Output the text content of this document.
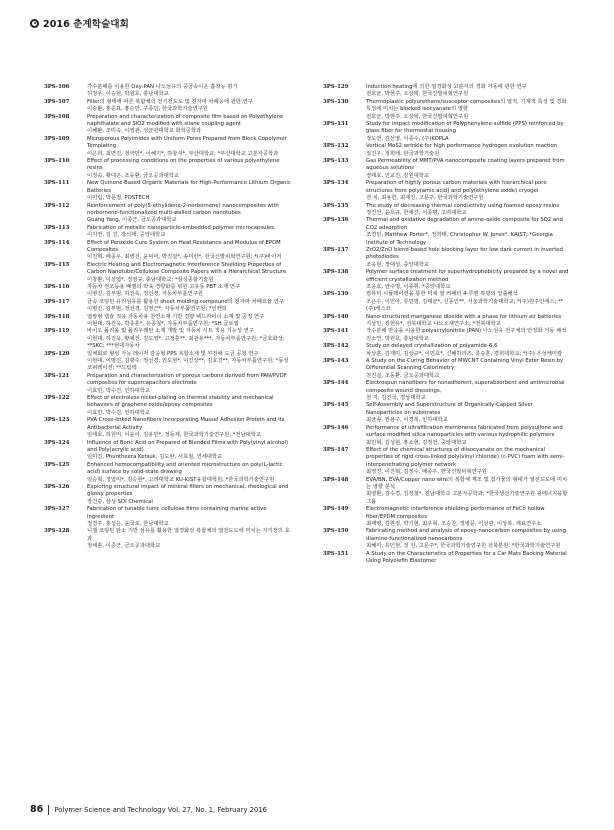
2016 춘계학술대회
3PS-106	가수분해를 이용한 Oxy-PAN 나노섬유의 중금속이온 흡착능 평가
허정우, 이승현, 박원호, 충남대학교
3PS-107	Filler의 형태에 따른 복합체의 전기전도도 및 전자파 차폐능에 관한 연구
이승환, 홍준표, 홍순만, 구종민, 한국과학기술연구원
3PS-108	Preparation and characterization of composite film based on Polyethylene naphthalate and SiO2 modified with silane coupling agent
이혜환, 조미숙, 이영관, 성균관대학교 화학공학과
3PS-109	Microporous Polyimides with Uniform Pores Prepared from Block Copolymer Templating
이은희, 최면진, 정극민*, 이혜기*, 하창식*, 부산대학교; *부산대학교 고분자공학과
3PS-110	Effect of processing conditions on the properties of various polyethylene resins
이정숙, 황대곤, 조동환, 금오공과대학교
3PS-111	New Quinone-Based Organic Materials for High-Performance Lithium Organic Batteries
이미림, 박문정, POSTECH
3PS-112	Reinforcement of poly(5-ethylidene-2-norbornene) nanocomposites with norbornene-functionalized multi-walled carbon nanotubes
Guang Yang, 이종근, 금오공과대학교
3PS-113	Fabrication of metallic nanoparticle-embedded polymer microcapsules,
이지연, 김 진, 장석태, 중앙대학교
3PS-114	Effect of Peroxide Cure System on Heat Resistance and Modulus of EPDM Composites
이진혁, 배종우, 최병진, 윤덕미, 박진걸*, 송미란*, 한국신발피혁연구원; *(주)바이저
3PS-115	Electric Heating and Electromagnetic Interference Shielding Properties of Carbon Nanotube/Cellulose Composite Papers with a Hierarchical Structure
이창환, 이상엽*, 정영규, 충남대학교; *삼성종합기술원
3PS-116	자동차 전조등용 배젤의 박육 경량화를 위한 고유동 PBT 소재 연구
이병진, 김부범, 하진욱, 정선경, 자동차부품연구원
3PS-117	금속 코팅된 유리섬유를 활용한 sheet molding compound의 전자파 차폐효율 연구
이병진, 김부범, 정선경, 김영근*, 자동차부품연구원; *인켄틱
3PS-118	열쌍형 캡슐 적용 자동차용 천연소재 기반 경량 헤드라이너 소재 및 공정 연구
이현대, 하진욱, 박종훈*, 유종철*, 자동차부품연구원; *SH 글로벌
3PS-119	바이오 폴리올 및 폴리우레탄 소재 개발 및 자동차 시트 적용 기능성 연구
이현대, 하진욱, 황예진, 김도영*, 고정훈**, 최관용***, 자동차부품연구원; *금호화성; **SKC; ***현대자동차
3PS-120	일체회로 형성 가능 레이저 감응형 PPS 복합소재 및 부전해 도금 공정 연구
이현대, 이명진, 김광수, 정선경, 권도현*, 이진상**, 김효진**, 자동차부품연구원; *동성코퍼레이션; **드림텍
3PS-121	Preparation and characterization of porous carbons derived from PAN/PVDF composites for supercapacitors electrode
이효민, 박수진, 인하대학교
3PS-122	Effect of electroless nickel-plating on thermal stability and mechanical behaviors of graphene oxide/epoxy composites
이효민, 박수진, 인하대학교
3PS-123	PVA Cross-linked Nanofibers Incorporating Mussel Adhesion Protein and Its Antibacterial Activity
임태호, 허원미, 이윤이, 김용민*, 정동제, 한국과학기술연구원; *전남대학교
3PS-124	Influence of Boric Acid on Prepared of Blended Films with Poly(vinyl alcohol) and Poly(acrylic acid)
임미진, Phuntheera Ketsuk, 김도완, 서효철, 연세대학교
3PS-125	Enhanced hemocompatibility and oriented microstructure on poly(L-lactic acid) surface by solid-state drawing
임승혁, 정엽미*, 김승현*, 고려대학교 KU-KIST융합대학원; *한국과학기술연구원
3PS-126	Exploring structural impact of mineral fillers on mechanical, rheological and glossy properties
장건승, 삼성 SDI Chemical
3PS-127	Fabrication of tunable tunic cellulose films containing marine active ingredient
정경주, 홍성은, 윤국로, 한남대학교
3PS-128	니켈 코팅된 탄소 기반 섬유를 활용한 열경화성 복합체의 열전도도에 미치는 자기장의 효과
정세훈, 이종근, 금오공과대학교
3PS-129	Induction heating에 의한 열경화성 고분자의 경화 거동에 관한 연구
전호균, 박현주, 오상택, 한국신발피혁연구원
3PS-130	Thermoplastic polyurethane/susceptor composites의 열적, 기계적 특성 및 경화특성에 미치는 blocked isocyanate의 영향
전호균, 박현주, 오상택, 한국신발피혁연구원
3PS-131	Study for impact modification of Polyphenylene-sulfide (PPS) reinforced by glass fiber for thermostat housing
정도연, 김선영, 이종수, (주)KOPLA
3PS-132	Vertical MoS2 wrinkle for high performance hydrogen evolution reaction
정진우, 정희태, 한국과학기술원
3PS-133	Gas Permeability of MMT/PVA nanocomposite coating layers prepared from aqueous solutions
정태호, 인교진, 강원대학교
3PS-134	Preparation of highly porous carbon materials with hierarchical pore structures from poly(amic acid) and poly(ethylene oxide) cryogel
전 치, 최용한, 최재진, 고문주, 한국과학기술연구원
3PS-135	The study of decreasing thermal conductivity using foamed epoxy resins
정진산, 윤호규, 한세진, 서종명, 고려대학교
3PS-136	Thermal and oxidative degradation of amine-oxide composite for SO2 and CO2 adsorption
조경민, Matthew Porter*, 정희태, Christopher W. Jones*, KAIST; *Georgia Institute of Technology
3PS-137	ZrO2/ZnO blend-based hole blocking layer for low dark current in inverted photodiodes
조욱현, 정대성, 중앙대학교
3PS-138	Polymer surface treatment for superhydrophobicity prepared by a novel and efficient crystallization method
조윤호, 안수영, 이종휘, *중앙대학교
3PS-139	컴퓨터 시뮬레이션을 통한 미세 열 커패터 4-루멘 튜빙의 압출해석
조은수, 이민아, 류민영, 김태균*, 신동인**, 서울과학기술대학교; *(주)원주인에스; **(주)케스코
3PS-140	Nano-structured manganese dioxide with a phase for lithium air batteries
지상민, 김현용*, 전북대학교 나노소재연구소; *전북대학교
3PS-141	가수분해 반응을 이용한 polyacrylonitrile (PAN) 나노섬유 전구체의 안정화 거동 해석
진소연, 박원호, 충남대학교
3PS-142	Study on delayed crystallization of polyamide-6,6
차상훈, 김재미, 김상규*, 이민호*, 신혜하리즈, 류승훈, 경희대학교; *(주) 우성케미칼
3PS-143	A Study on the Curing Behavior of MWCNT Containing Vinyl Ester Resin by Differential Scanning Calorimetry
천진실, 조동환, 금오공과대학교
3PS-144	Electrospun nanofibers for nonadherent, superabsorbent and antimicrobial composite wound dressings,
천 지, 김진국, 경상대학교
3PS-145	Self-Assembly and Superstructure of Organically-Capped Silver Nanoparticles on substrates
최균송, 권용구, 이경복, 인하대학교
3PS-146	Performance of ultrafiltration membranes fabricated from polysulfone and surface modified silica nanoparticles with various hydrophilic polymers
최민혁, 김성현, 홍소현, 김정건, 중앙대학교
3PS-147	Effect of the chemical structures of diisocyanate on the mechanical properties of rigid cross-linked poly(vinyl chloride) (c-PVC) foam with semi-interpenetrating polymer network
최영진, 이진혁, 김정수, 배종우, 한국신발피혁연구원
3PS-148	EVA/BN, EVA/Copper nano wire의 복합체 제조 및 첨가물의 형태가 열전도도에 미치는 영향 분석
최영환, 김수경, 김정철*, 전남대학교 고분자공학과; *한국생산기술연구원 광에너지융합그룹
3PS-149	Electromagnetic interference shielding performance of FeCo hollow fiber/EPDM composites
최재영, 김현정, 박기현, 최우혁, 조승찬, 정병문, 이상관, 이상복, 재료연구소
3PS-150	Fabricating method and analysis of epoxy-nanocarbon composites by using diamine-functionalized nanocarbons
최혜미, 유인현, 정 진, 고문주*, 한국과학기술연구원 전북분원; *한국과학기술연구원
3PS-151	A Study on the Characteristics of Properties for a Car Mats Backing Material Using Polyolefin Elastomer
86 Polymer Science and Technology Vol. 27, No. 1, February 2016
